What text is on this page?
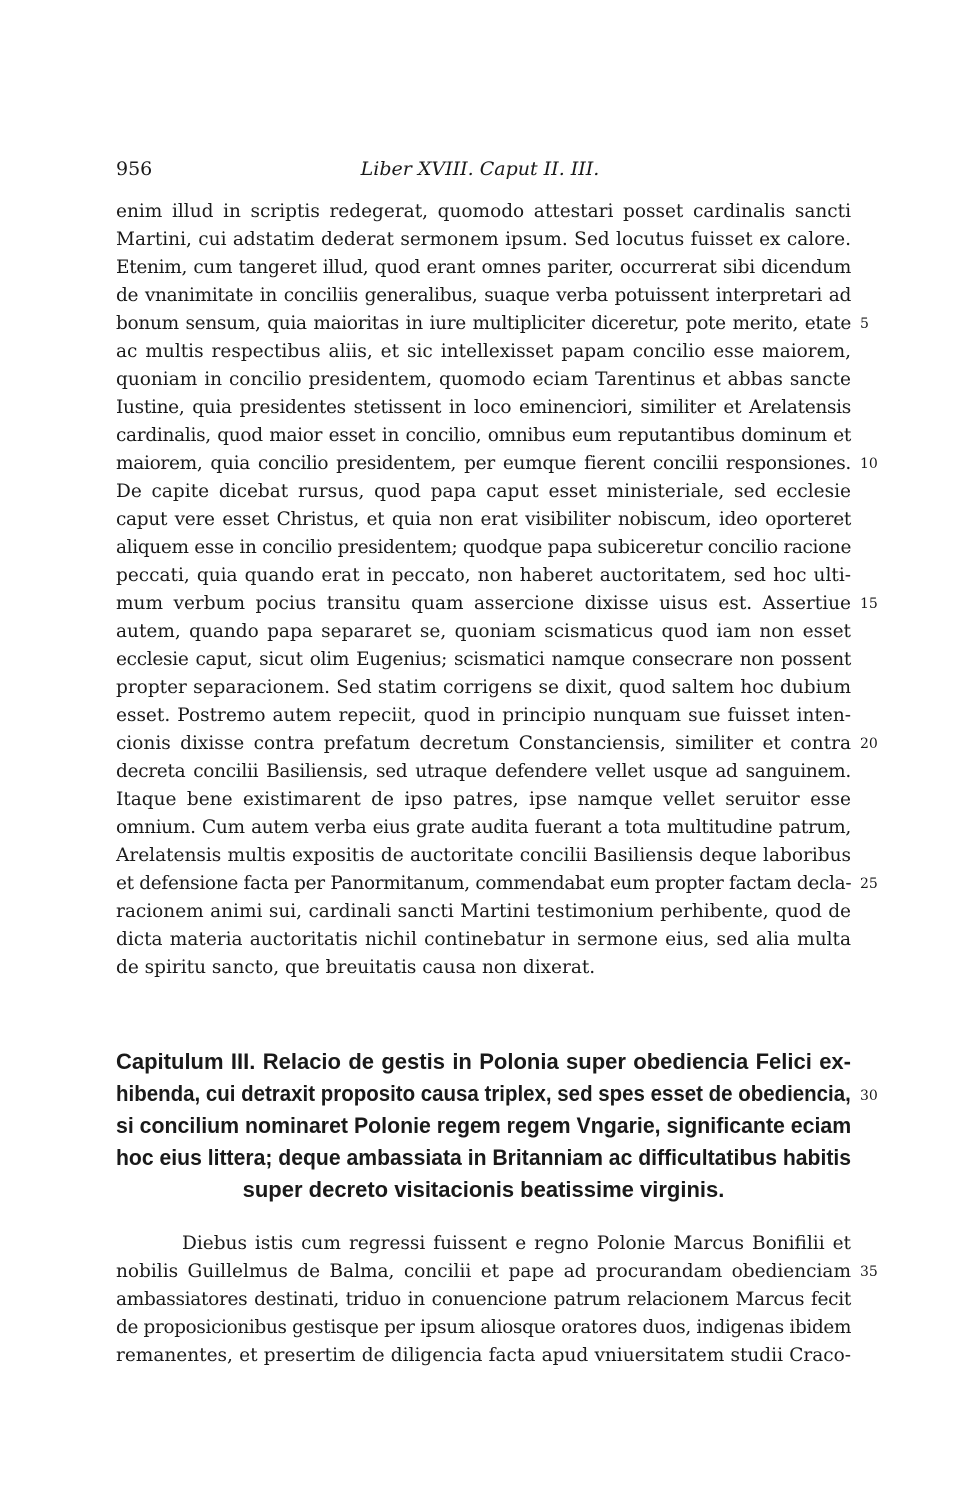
956	Liber XVIII. Caput II. III.
enim illud in scriptis redegerat, quomodo attestari posset cardinalis sancti
Martini, cui adstatim dederat sermonem ipsum. Sed locutus fuisset ex calore.
Etenim, cum tangeret illud, quod erant omnes pariter, occurrerat sibi dicendum
de vnanimitate in conciliis generalibus, suaque verba potuissent interpretari ad
bonum sensum, quia maioritas in iure multipliciter diceretur, pote merito, etate
ac multis respectibus aliis, et sic intellexisset papam concilio esse maiorem,
quoniam in concilio presidentem, quomodo eciam Tarentinus et abbas sancte
Iustine, quia presidentes stetissent in loco eminenciori, similiter et Arelatensis
cardinalis, quod maior esset in concilio, omnibus eum reputantibus dominum et
maiorem, quia concilio presidentem, per eumque fierent concilii responsiones.
De capite dicebat rursus, quod papa caput esset ministeriale, sed ecclesie
caput vere esset Christus, et quia non erat visibiliter nobiscum, ideo oporteret
aliquem esse in concilio presidentem; quodque papa subiceretur concilio racione
peccati, quia quando erat in peccato, non haberet auctoritatem, sed hoc ulti-
mum verbum pocius transitu quam assercione dixisse uisus est. Assertiue
autem, quando papa separaret se, quoniam scismaticus quod iam non esset
ecclesie caput, sicut olim Eugenius; scismatici namque consecrare non possent
propter separacionem. Sed statim corrigens se dixit, quod saltem hoc dubium
esset. Postremo autem repeciit, quod in principio nunquam sue fuisset inten-
cionis dixisse contra prefatum decretum Constanciensis, similiter et contra
decreta concilii Basiliensis, sed utraque defendere vellet usque ad sanguinem.
Itaque bene existimarent de ipso patres, ipse namque vellet seruitor esse
omnium. Cum autem verba eius grate audita fuerant a tota multitudine patrum,
Arelatensis multis expositis de auctoritate concilii Basiliensis deque laboribus
et defensione facta per Panormitanum, commendabat eum propter factam decla-
racionem animi sui, cardinali sancti Martini testimonium perhibente, quod de
dicta materia auctoritatis nichil continebatur in sermone eius, sed alia multa
de spiritu sancto, que breuitatis causa non dixerat.
5
10
15
20
25
Capitulum III. Relacio de gestis in Polonia super obediencia Felici ex-
hibenda, cui detraxit proposito causa triplex, sed spes esset de obediencia,
si concilium nominaret Polonie regem regem Vngarie, significante eciam
hoc eius littera; deque ambassiata in Britanniam ac difficultatibus habitis
super decreto visitacionis beatissime virginis.
30
Diebus istis cum regressi fuissent e regno Polonie Marcus Bonifilii et
nobilis Guillelmus de Balma, concilii et pape ad procurandam obedienciam
ambassiatores destinati, triduo in conuencione patrum relacionem Marcus fecit
de proposicionibus gestisque per ipsum aliosque oratores duos, indigenas ibidem
remanentes, et presertim de diligencia facta apud vniuersitatem studii Craco-
35
